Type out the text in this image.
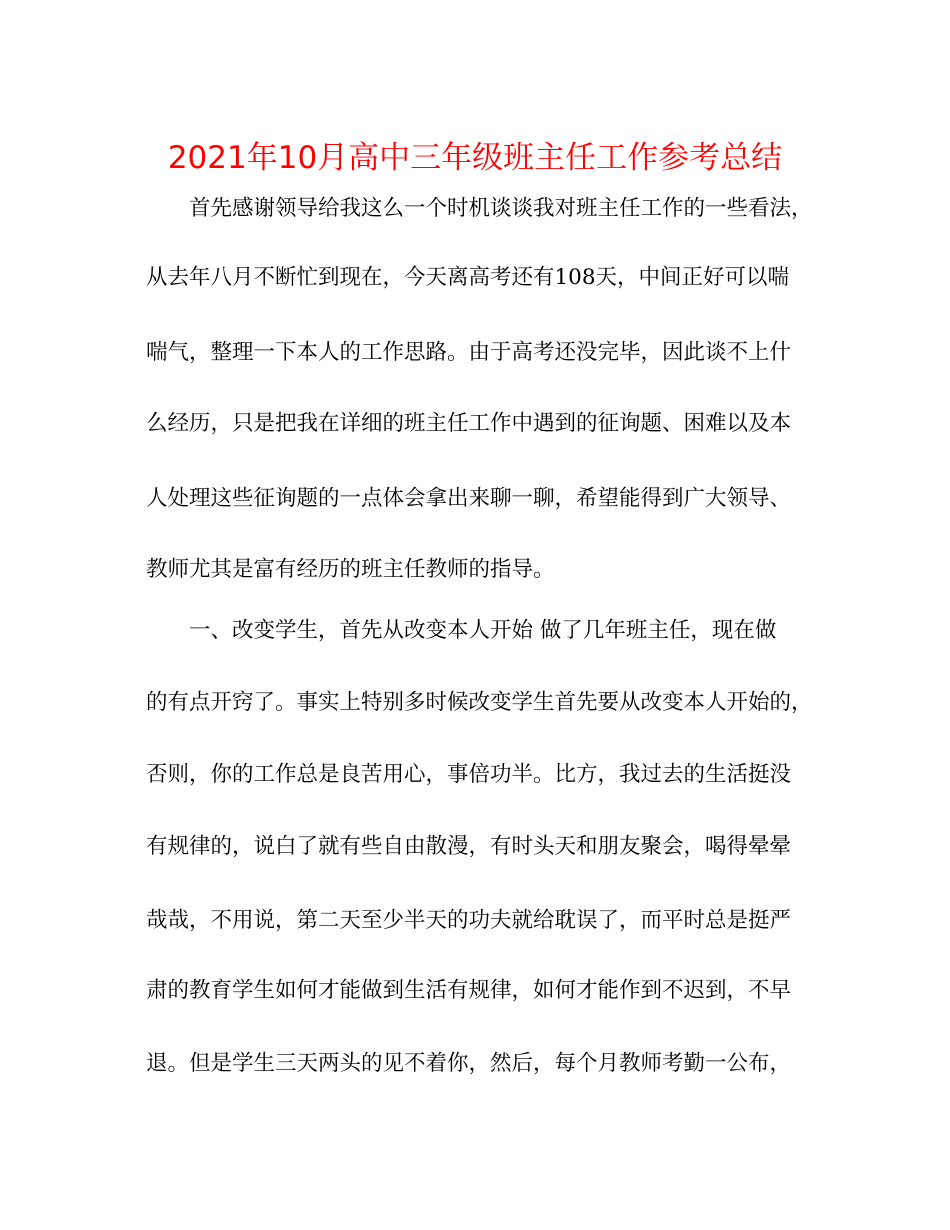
2021年10月高中三年级班主任工作参考总结
首先感谢领导给我这么一个时机谈谈我对班主任工作的一些看法，
从去年八月不断忙到现在，今天离高考还有108天，中间正好可以喘
喘气，整理一下本人的工作思路。由于高考还没完毕，因此谈不上什
么经历，只是把我在详细的班主任工作中遇到的征询题、困难以及本
人处理这些征询题的一点体会拿出来聊一聊，希望能得到广大领导、
教师尤其是富有经历的班主任教师的指导。
一、改变学生，首先从改变本人开始 做了几年班主任，现在做
的有点开窍了。事实上特别多时候改变学生首先要从改变本人开始的，
否则，你的工作总是良苦用心，事倍功半。比方，我过去的生活挺没
有规律的，说白了就有些自由散漫，有时头天和朋友聚会，喝得晕晕
哉哉，不用说，第二天至少半天的功夫就给耽误了，而平时总是挺严
肃的教育学生如何才能做到生活有规律，如何才能作到不迟到，不早
退。但是学生三天两头的见不着你，然后，每个月教师考勤一公布，
